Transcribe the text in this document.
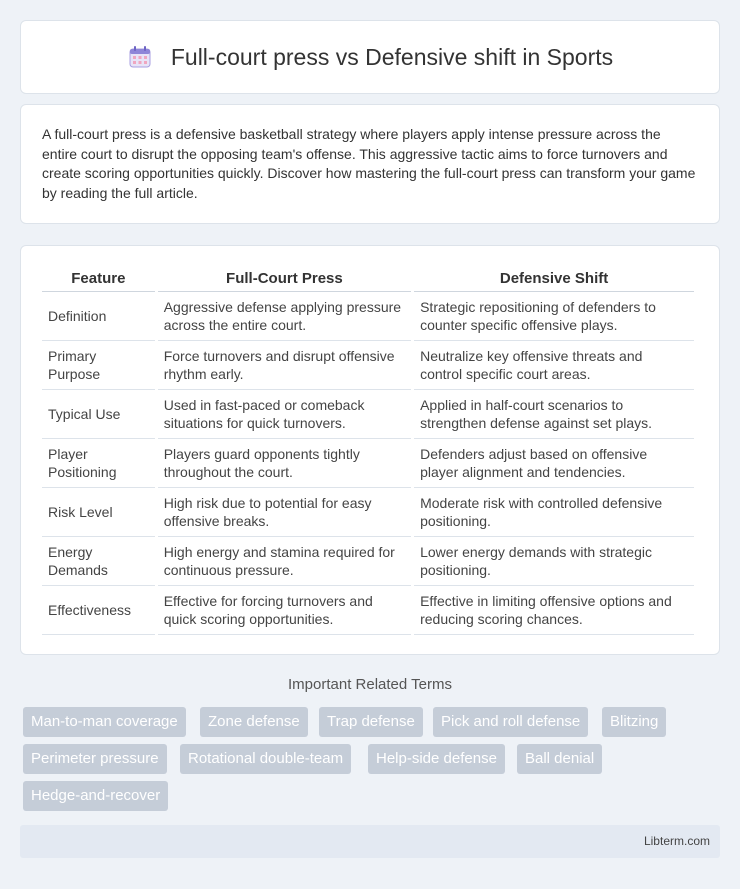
Full-court press vs Defensive shift in Sports

A full-court press is a defensive basketball strategy where players apply intense pressure across the entire court to disrupt the opposing team's offense. This aggressive tactic aims to force turnovers and create scoring opportunities quickly. Discover how mastering the full-court press can transform your game by reading the full article.

Feature	Full-Court Press	Defensive Shift
Definition	Aggressive defense applying pressure across the entire court.	Strategic repositioning of defenders to counter specific offensive plays.
Primary Purpose	Force turnovers and disrupt offensive rhythm early.	Neutralize key offensive threats and control specific court areas.
Typical Use	Used in fast-paced or comeback situations for quick turnovers.	Applied in half-court scenarios to strengthen defense against set plays.
Player Positioning	Players guard opponents tightly throughout the court.	Defenders adjust based on offensive player alignment and tendencies.
Risk Level	High risk due to potential for easy offensive breaks.	Moderate risk with controlled defensive positioning.
Energy Demands	High energy and stamina required for continuous pressure.	Lower energy demands with strategic positioning.
Effectiveness	Effective for forcing turnovers and quick scoring opportunities.	Effective in limiting offensive options and reducing scoring chances.
Important Related Terms
Man-to-man coverage	Zone defense	Trap defense	Pick and roll defense	Blitzing
Perimeter pressure	Rotational double-team	Help-side defense	Ball denial
Hedge-and-recover
Libterm.com
